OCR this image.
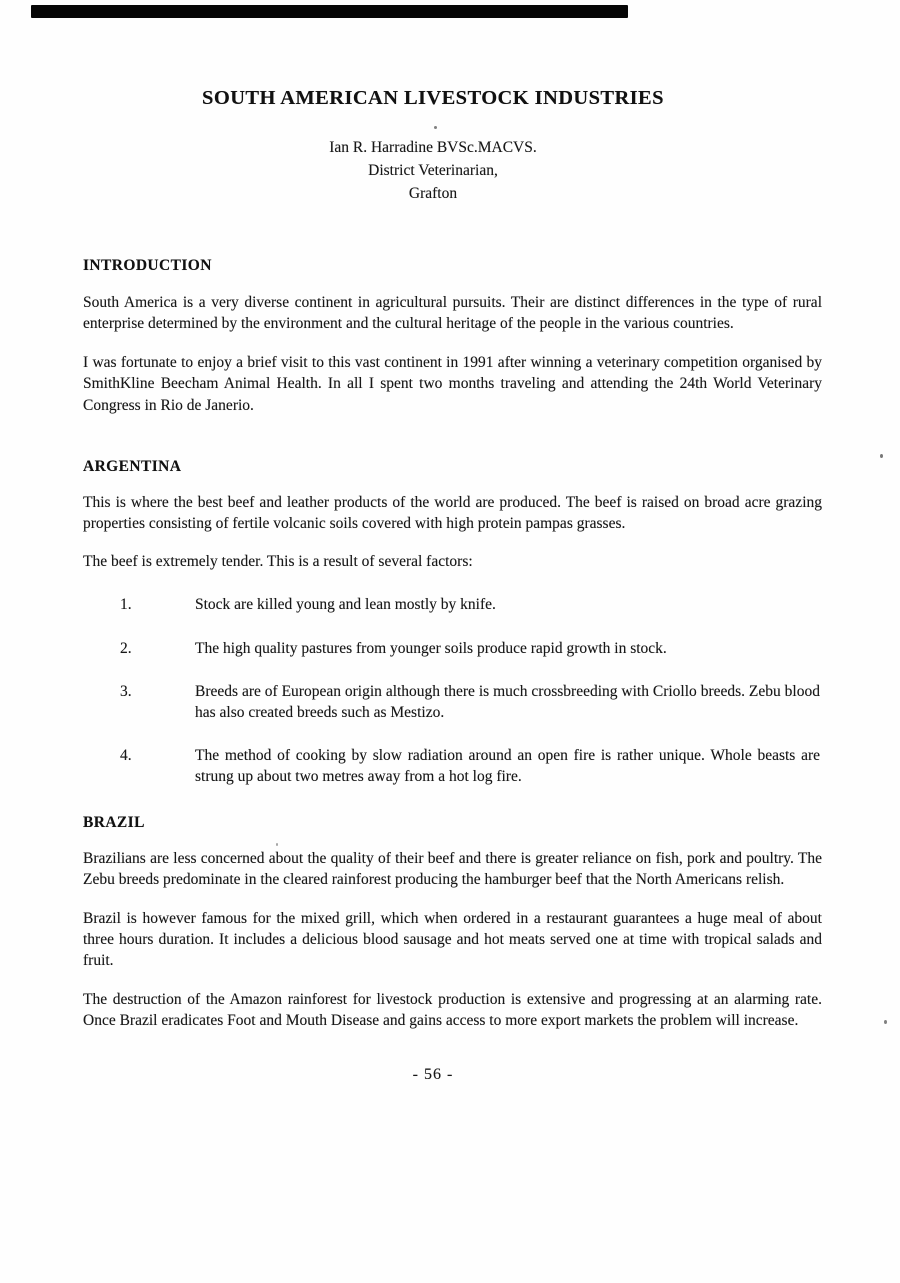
SOUTH AMERICAN LIVESTOCK INDUSTRIES
Ian R. Harradine BVSc.MACVS.
District Veterinarian,
Grafton
INTRODUCTION

South America is a very diverse continent in agricultural pursuits. Their are distinct differences in the type of rural enterprise determined by the environment and the cultural heritage of the people in the various countries.

I was fortunate to enjoy a brief visit to this vast continent in 1991 after winning a veterinary competition organised by SmithKline Beecham Animal Health. In all I spent two months traveling and attending the 24th World Veterinary Congress in Rio de Janerio.

ARGENTINA

This is where the best beef and leather products of the world are produced. The beef is raised on broad acre grazing properties consisting of fertile volcanic soils covered with high protein pampas grasses.

The beef is extremely tender. This is a result of several factors:

1.	Stock are killed young and lean mostly by knife.
2.	The high quality pastures from younger soils produce rapid growth in stock.
3.	Breeds are of European origin although there is much crossbreeding with Criollo breeds. Zebu blood has also created breeds such as Mestizo.
4.	The method of cooking by slow radiation around an open fire is rather unique. Whole beasts are strung up about two metres away from a hot log fire.
BRAZIL

Brazilians are less concerned about the quality of their beef and there is greater reliance on fish, pork and poultry. The Zebu breeds predominate in the cleared rainforest producing the hamburger beef that the North Americans relish.

Brazil is however famous for the mixed grill, which when ordered in a restaurant guarantees a huge meal of about three hours duration. It includes a delicious blood sausage and hot meats served one at time with tropical salads and fruit.

The destruction of the Amazon rainforest for livestock production is extensive and progressing at an alarming rate. Once Brazil eradicates Foot and Mouth Disease and gains access to more export markets the problem will increase.

- 56 -
